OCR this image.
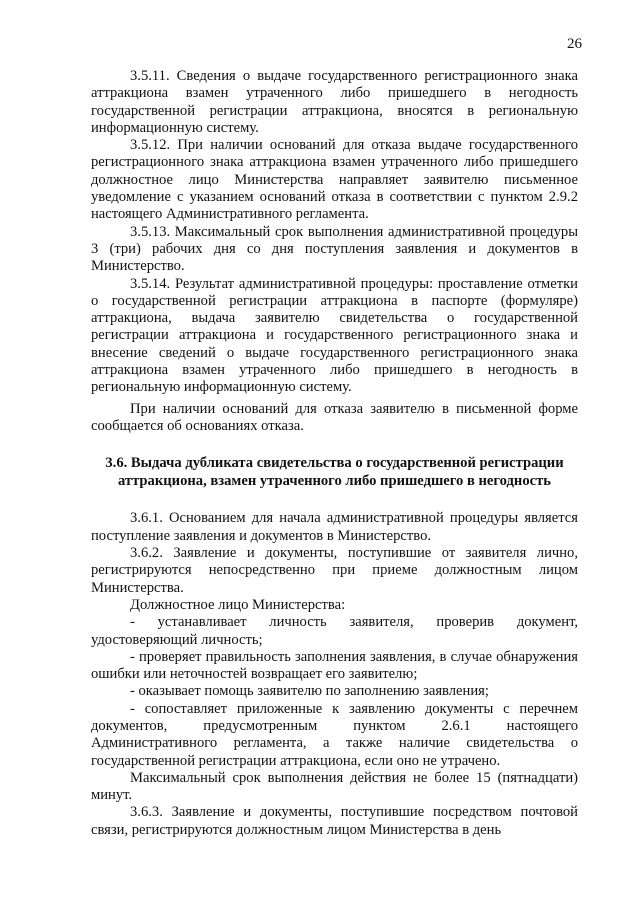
26

3.5.11. Сведения о выдаче государственного регистрационного знака аттракциона взамен утраченного либо пришедшего в негодность государственной регистрации аттракциона, вносятся в региональную информационную систему.

3.5.12. При наличии оснований для отказа выдаче государственного регистрационного знака аттракциона взамен утраченного либо пришедшего должностное лицо Министерства направляет заявителю письменное уведомление с указанием оснований отказа в соответствии с пунктом 2.9.2 настоящего Административного регламента.

3.5.13. Максимальный срок выполнения административной процедуры 3 (три) рабочих дня со дня поступления заявления и документов в Министерство.

3.5.14. Результат административной процедуры: проставление отметки о государственной регистрации аттракциона в паспорте (формуляре) аттракциона, выдача заявителю свидетельства о государственной регистрации аттракциона и государственного регистрационного знака и внесение сведений о выдаче государственного регистрационного знака аттракциона взамен утраченного либо пришедшего в негодность в региональную информационную систему.

При наличии оснований для отказа заявителю в письменной форме сообщается об основаниях отказа.

3.6. Выдача дубликата свидетельства о государственной регистрации аттракциона, взамен утраченного либо пришедшего в негодность

3.6.1. Основанием для начала административной процедуры является поступление заявления и документов в Министерство.

3.6.2. Заявление и документы, поступившие от заявителя лично, регистрируются непосредственно при приеме должностным лицом Министерства.

Должностное лицо Министерства:

- устанавливает личность заявителя, проверив документ, удостоверяющий личность;

- проверяет правильность заполнения заявления, в случае обнаружения ошибки или неточностей возвращает его заявителю;

- оказывает помощь заявителю по заполнению заявления;

- сопоставляет приложенные к заявлению документы с перечнем документов, предусмотренным пунктом 2.6.1 настоящего Административного регламента, а также наличие свидетельства о государственной регистрации аттракциона, если оно не утрачено.

Максимальный срок выполнения действия не более 15 (пятнадцати) минут.

3.6.3. Заявление и документы, поступившие посредством почтовой связи, регистрируются должностным лицом Министерства в день
